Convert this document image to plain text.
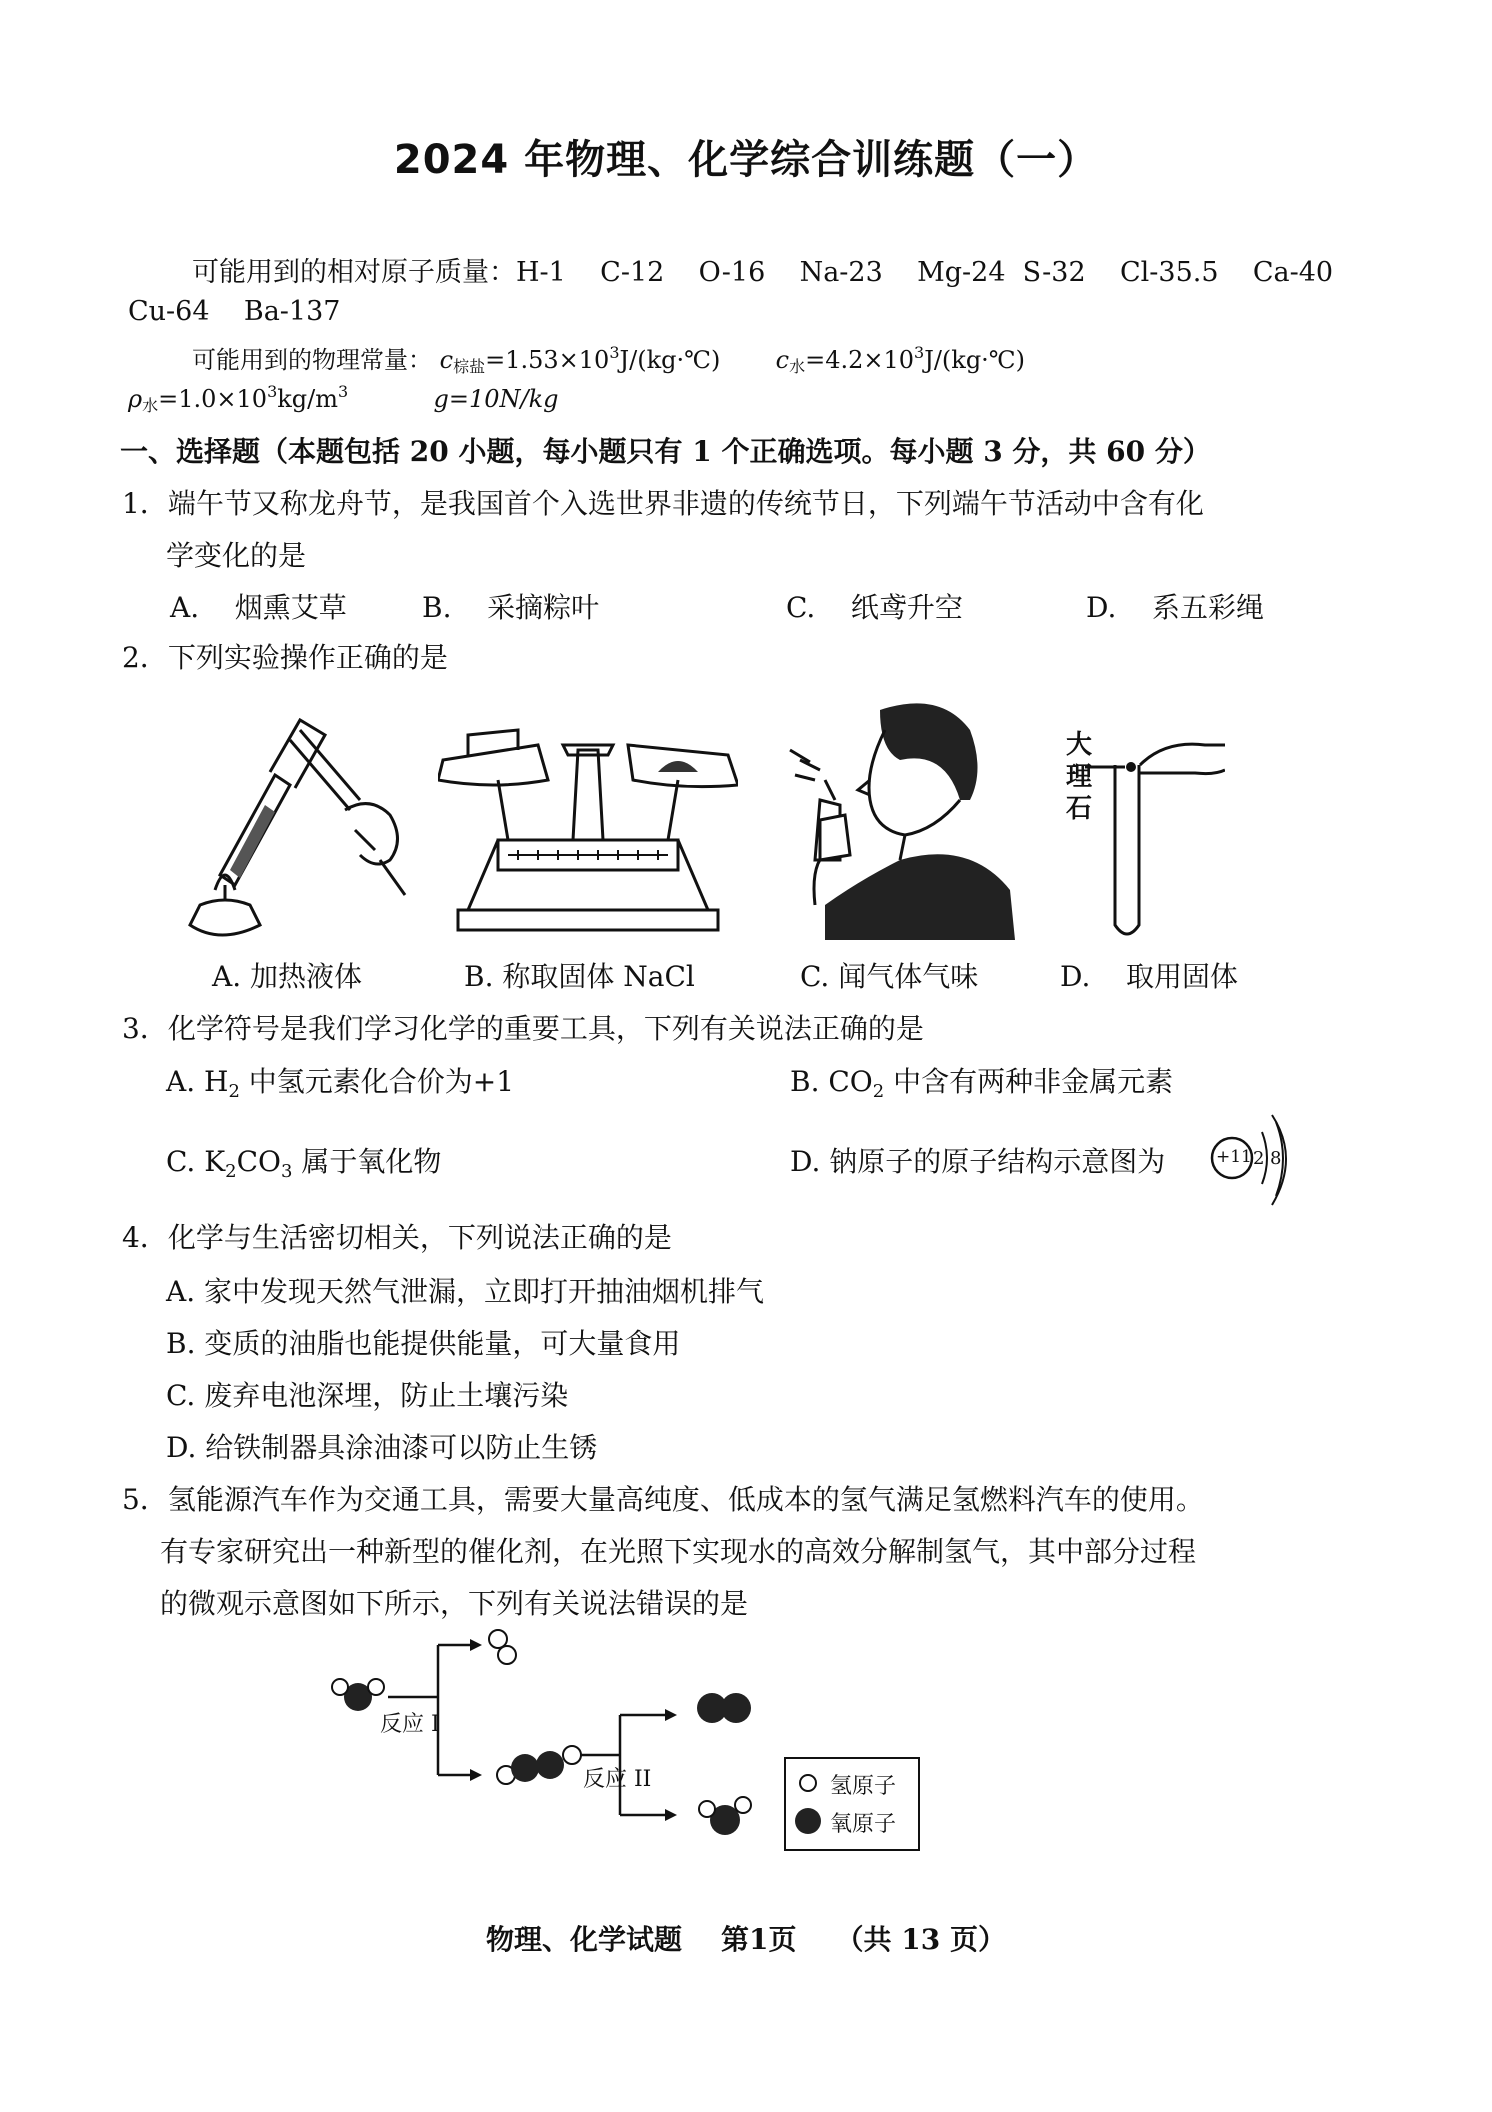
2024 年物理、化学综合训练题（一）
可能用到的相对原子质量：H-1    C-12    O-16    Na-23    Mg-24  S-32    Cl-35.5    Ca-40
Cu-64    Ba-137
可能用到的物理常量： c棕盐$=1.53\times 10^3J/(kg\cdot℃)$ c水$=4.2\times 10^3J/(kg\cdot℃)$
ρ水$=1.0\times 10^3kg/m^3$	g=10N/kg
一、选择题（本题包括 20 小题，每小题只有 1 个正确选项。每小题 3 分，共 60 分）
1．端午节又称龙舟节，是我国首个入选世界非遗的传统节日，下列端午节活动中含有化
学变化的是
A.    烟熏艾草	B.    采摘粽叶	C.    纸鸢升空	D.    系五彩绳
2．下列实验操作正确的是
大
理
石
A. 加热液体	B. 称取固体 NaCl	C. 闻气体气味	D.    取用固体
3．化学符号是我们学习化学的重要工具，下列有关说法正确的是
A. $H_2$ 中氢元素化合价为+1	B. $CO_2$ 中含有两种非金属元素
C. $K_2CO_3$ 属于氧化物	D. 钠原子的原子结构示意图为	+11 2 8
4．化学与生活密切相关，下列说法正确的是
A. 家中发现天然气泄漏，立即打开抽油烟机排气
B. 变质的油脂也能提供能量，可大量食用
C. 废弃电池深埋，防止土壤污染
D. 给铁制器具涂油漆可以防止生锈
5．氢能源汽车作为交通工具，需要大量高纯度、低成本的氢气满足氢燃料汽车的使用。
有专家研究出一种新型的催化剂，在光照下实现水的高效分解制氢气，其中部分过程
的微观示意图如下所示，下列有关说法错误的是
反应 I
反应 II	氢原子
氧原子
物理、化学试题    第1页    （共 13 页）
